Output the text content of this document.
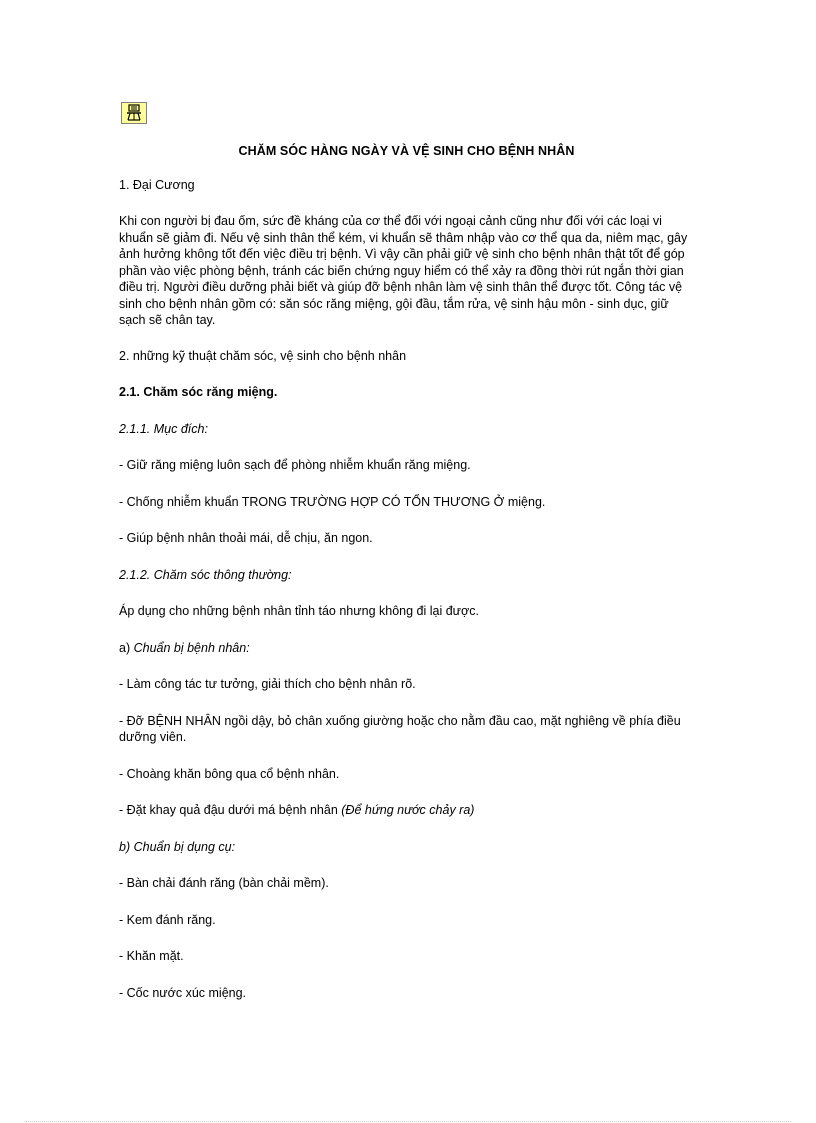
CHĂM SÓC HÀNG NGÀY VÀ VỆ SINH CHO BỆNH NHÂN
1. Đại Cương
Khi con người bị đau ốm, sức đề kháng của cơ thể đối với ngoại cảnh cũng như đối với các loại vi khuẩn sẽ giảm đi. Nếu vệ sinh thân thể kém, vi khuẩn sẽ thâm nhập vào cơ thể qua da, niêm mạc, gây ảnh hưởng không tốt đến việc điều trị bệnh. Vì vậy cần phải giữ vệ sinh cho bệnh nhân thật tốt để góp phần vào việc phòng bệnh, tránh các biến chứng nguy hiểm có thể xảy ra đồng thời rút ngắn thời gian điều trị. Người điều dưỡng phải biết và giúp đỡ bệnh nhân làm vệ sinh thân thể được tốt. Công tác vệ sinh cho bệnh nhân gồm có: săn sóc răng miệng, gội đầu, tắm rửa, vệ sinh hậu môn - sinh dục, giữ sạch sẽ chân tay.
2. những kỹ thuật chăm sóc, vệ sinh cho bệnh nhân
2.1. Chăm sóc răng miệng.
2.1.1. Mục đích:
- Giữ răng miệng luôn sạch để phòng nhiễm khuẩn răng miệng.
- Chống nhiễm khuẩn TRONG TRƯỜNG HỢP CÓ TỔN THƯƠNG Ở miệng.
- Giúp bệnh nhân thoải mái, dễ chịu, ăn ngon.
2.1.2. Chăm sóc thông thường:
Áp dụng cho những bệnh nhân tỉnh táo nhưng không đi lại được.
a) Chuẩn bị bệnh nhân:
- Làm công tác tư tưởng, giải thích cho bệnh nhân rõ.
- Đỡ BỆNH NHÂN ngồi dậy, bỏ chân xuống giường hoặc cho nằm đầu cao, mặt nghiêng về phía điều dưỡng viên.
- Choàng khăn bông qua cổ bệnh nhân.
- Đặt khay quả đậu dưới má bệnh nhân (Để hứng nước chảy ra)
b) Chuẩn bị dụng cụ:
- Bàn chải đánh răng (bàn chải mềm).
- Kem đánh răng.
- Khăn mặt.
- Cốc nước xúc miệng.
